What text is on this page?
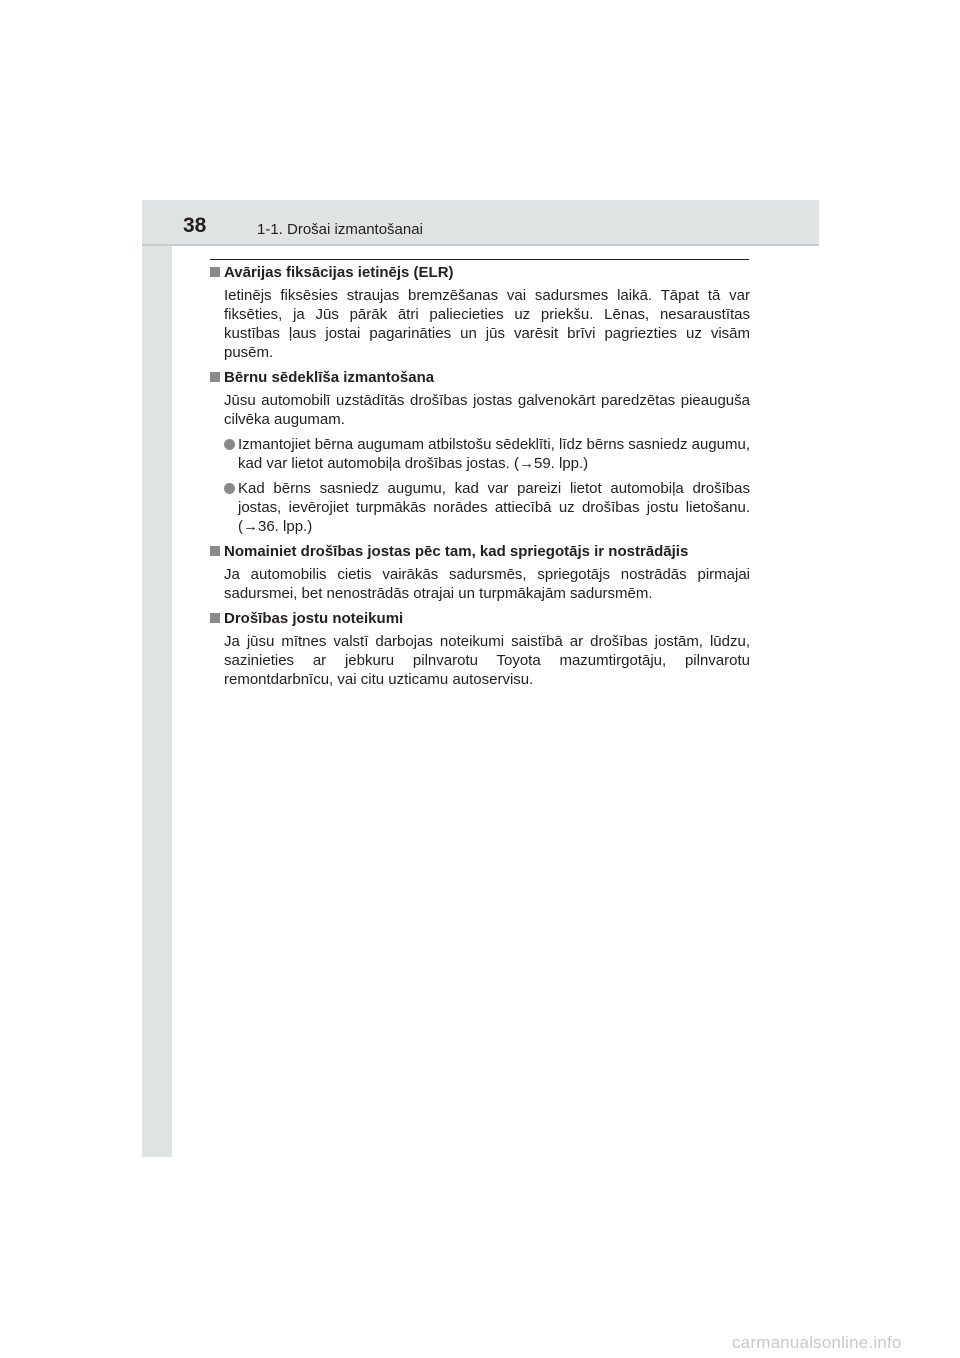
38	1-1. Drošai izmantošanai
Avārijas fiksācijas ietinējs (ELR)
Ietinējs fiksēsies straujas bremzēšanas vai sadursmes laikā. Tāpat tā var fiksēties, ja Jūs pārāk ātri paliecieties uz priekšu. Lēnas, nesaraustītas kustības ļaus jostai pagarināties un jūs varēsit brīvi pagriezties uz visām pusēm.
Bērnu sēdeklīša izmantošana
Jūsu automobilī uzstādītās drošības jostas galvenokārt paredzētas pieauguša cilvēka augumam.
Izmantojiet bērna augumam atbilstošu sēdeklīti, līdz bērns sasniedz augumu, kad var lietot automobiļa drošības jostas. (→59. lpp.)
Kad bērns sasniedz augumu, kad var pareizi lietot automobiļa drošības jostas, ievērojiet turpmākās norādes attiecībā uz drošības jostu lietošanu. (→36. lpp.)
Nomainiet drošības jostas pēc tam, kad spriegotājs ir nostrādājis
Ja automobilis cietis vairākās sadursmēs, spriegotājs nostrādās pirmajai sadursmei, bet nenostrādās otrajai un turpmākajām sadursmēm.
Drošības jostu noteikumi
Ja jūsu mītnes valstī darbojas noteikumi saistībā ar drošības jostām, lūdzu, sazinieties ar jebkuru pilnvarotu Toyota mazumtirgotāju, pilnvarotu remontdarbnīcu, vai citu uzticamu autoservisu.
carmanualsonline.info
